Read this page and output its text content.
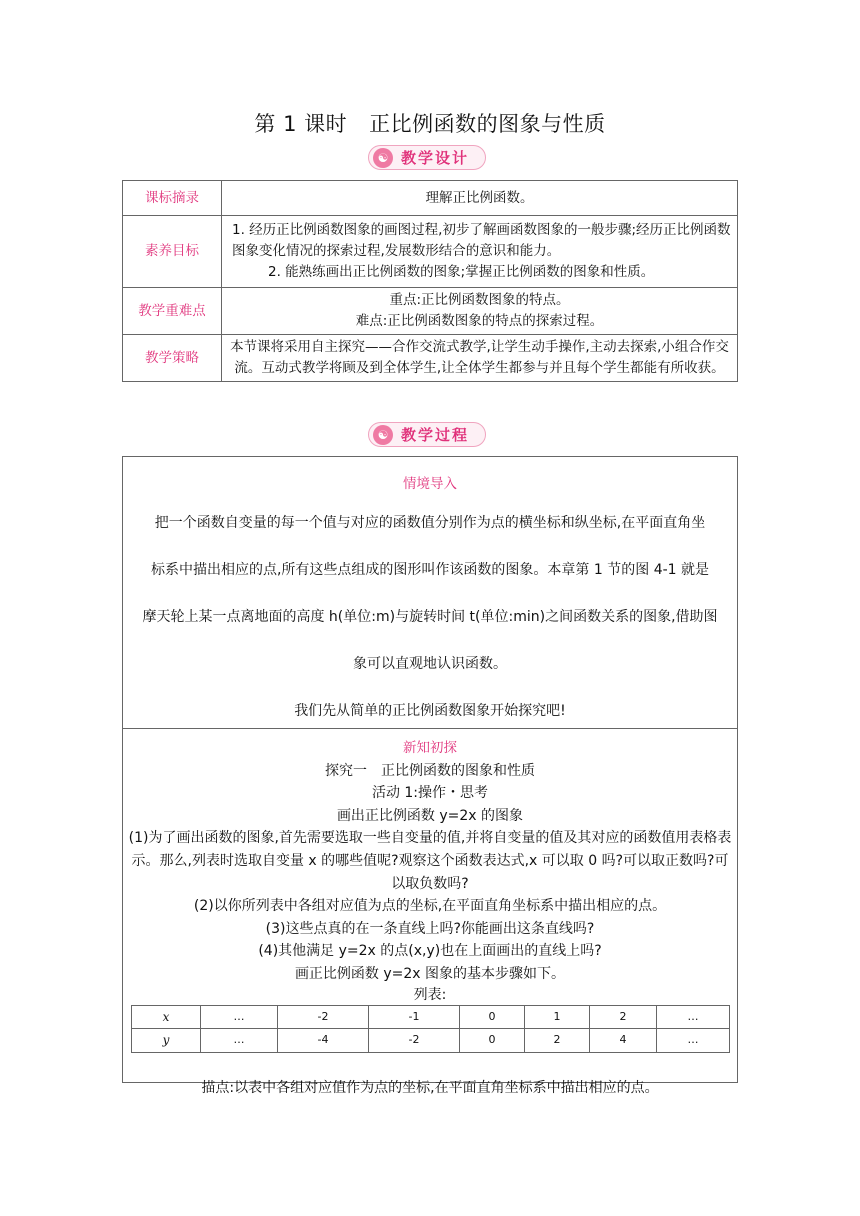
第 1 课时 正比例函数的图象与性质
☯ 教学设计
课标摘录	理解正比例函数。
素养目标	1. 经历正比例函数图象的画图过程,初步了解画函数图象的一般步骤;经历正比例函数图象变化情况的探索过程,发展数形结合的意识和能力。
2. 能熟练画出正比例函数的图象;掌握正比例函数的图象和性质。

教学重难点	重点:正比例函数图象的特点。
难点:正比例函数图象的特点的探索过程。

教学策略	本节课将采用自主探究——合作交流式教学,让学生动手操作,主动去探索,小组合作交流。互动式教学将顾及到全体学生,让全体学生都参与并且每个学生都能有所收获。
☯ 教学过程
情境导入

把一个函数自变量的每一个值与对应的函数值分别作为点的横坐标和纵坐标,在平面直角坐

标系中描出相应的点,所有这些点组成的图形叫作该函数的图象。本章第 1 节的图 4-1 就是

摩天轮上某一点离地面的高度 h(单位:m)与旋转时间 t(单位:min)之间函数关系的图象,借助图

象可以直观地认识函数。

我们先从简单的正比例函数图象开始探究吧!

新知初探
探究一　正比例函数的图象和性质
活动 1:操作・思考
画出正比例函数 y=2x 的图象
(1)为了画出函数的图象,首先需要选取一些自变量的值,并将自变量的值及其对应的函数值用表格表示。那么,列表时选取自变量 x 的哪些值呢?观察这个函数表达式,x 可以取 0 吗?可以取正数吗?可以取负数吗?
(2)以你所列表中各组对应值为点的坐标,在平面直角坐标系中描出相应的点。
(3)这些点真的在一条直线上吗?你能画出这条直线吗?
(4)其他满足 y=2x 的点(x,y)也在上面画出的直线上吗?
画正比例函数 y=2x 图象的基本步骤如下。
列表:
x	…	-2	-1	0	1	2	…
y	…	-4	-2	0	2	4	…
描点:以表中各组对应值作为点的坐标,在平面直角坐标系中描出相应的点。
